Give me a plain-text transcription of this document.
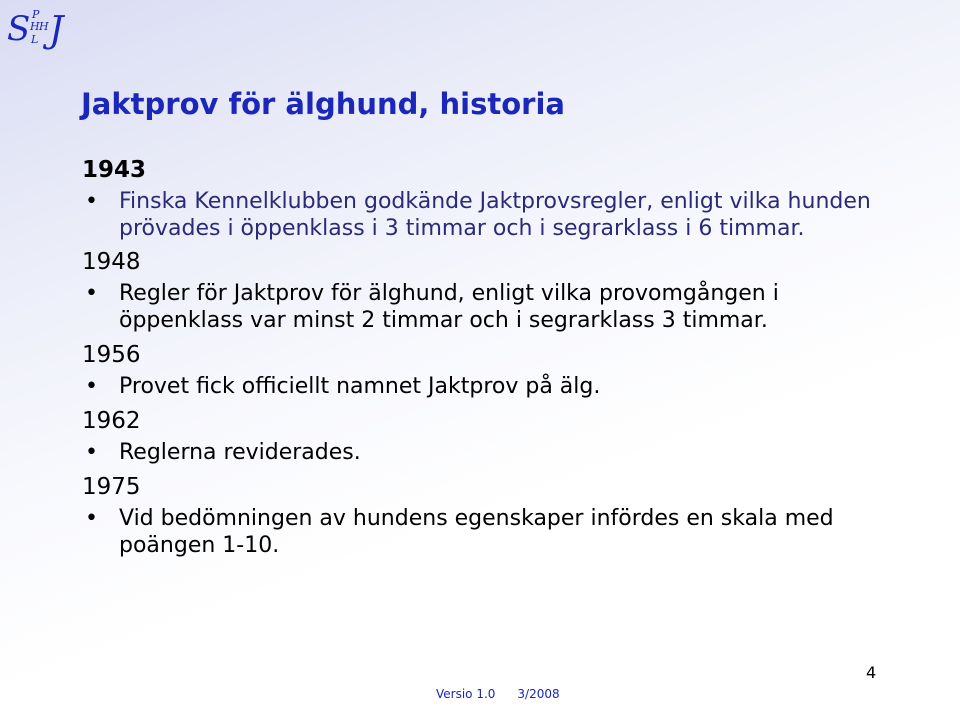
S P
H H
L J
Jaktprov för älghund, historia
1943
• Finska Kennelklubben godkände Jaktprovsregler, enligt vilka hunden prövades i öppenklass i 3 timmar och i segrarklass i 6 timmar.
1948
• Regler för Jaktprov för älghund, enligt vilka provomgången i öppenklass var minst 2 timmar och i segrarklass 3 timmar.
1956
• Provet fick officiellt namnet Jaktprov på älg.
1962
• Reglerna reviderades.
1975
• Vid bedömningen av hundens egenskaper infördes en skala med poängen 1-10.
Versio 1.0 3/2008
4
